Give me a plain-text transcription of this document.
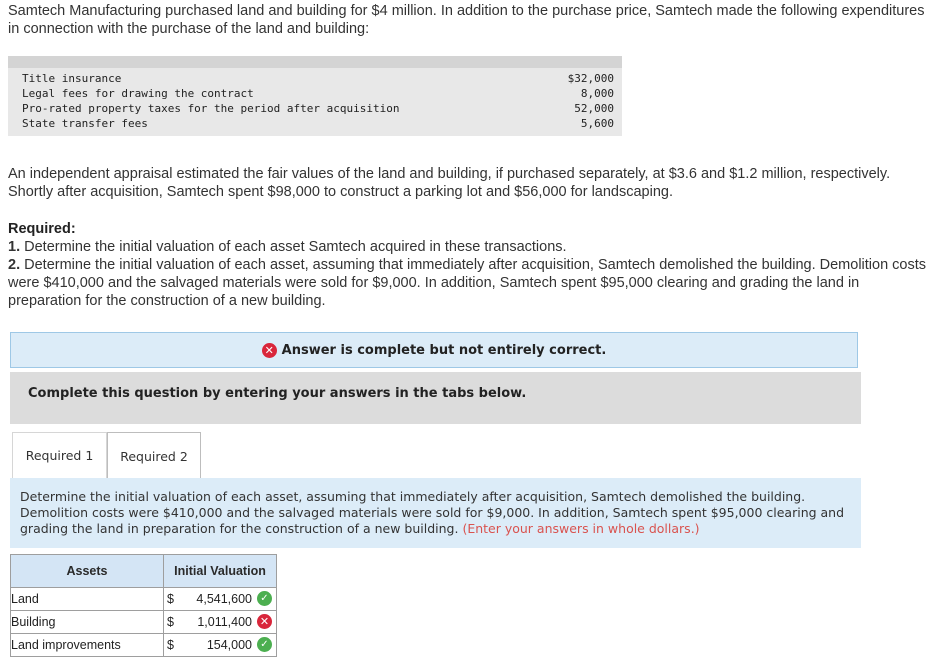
Samtech Manufacturing purchased land and building for $4 million. In addition to the purchase price, Samtech made the following expenditures in connection with the purchase of the land and building:
Title insurance	$32,000
Legal fees for drawing the contract	8,000
Pro-rated property taxes for the period after acquisition	52,000
State transfer fees	5,600
An independent appraisal estimated the fair values of the land and building, if purchased separately, at $3.6 and $1.2 million, respectively. Shortly after acquisition, Samtech spent $98,000 to construct a parking lot and $56,000 for landscaping.
Required:
1. Determine the initial valuation of each asset Samtech acquired in these transactions.
2. Determine the initial valuation of each asset, assuming that immediately after acquisition, Samtech demolished the building. Demolition costs were $410,000 and the salvaged materials were sold for $9,000. In addition, Samtech spent $95,000 clearing and grading the land in preparation for the construction of a new building.
✕ Answer is complete but not entirely correct.
Complete this question by entering your answers in the tabs below.
Required 1	Required 2

Determine the initial valuation of each asset, assuming that immediately after acquisition, Samtech demolished the building. Demolition costs were $410,000 and the salvaged materials were sold for $9,000. In addition, Samtech spent $95,000 clearing and grading the land in preparation for the construction of a new building. (Enter your answers in whole dollars.)

Assets	Initial Valuation
Land	$ 4,541,600 ✓

Building	$ 1,011,400 ✕

Land improvements	$ 154,000 ✓
